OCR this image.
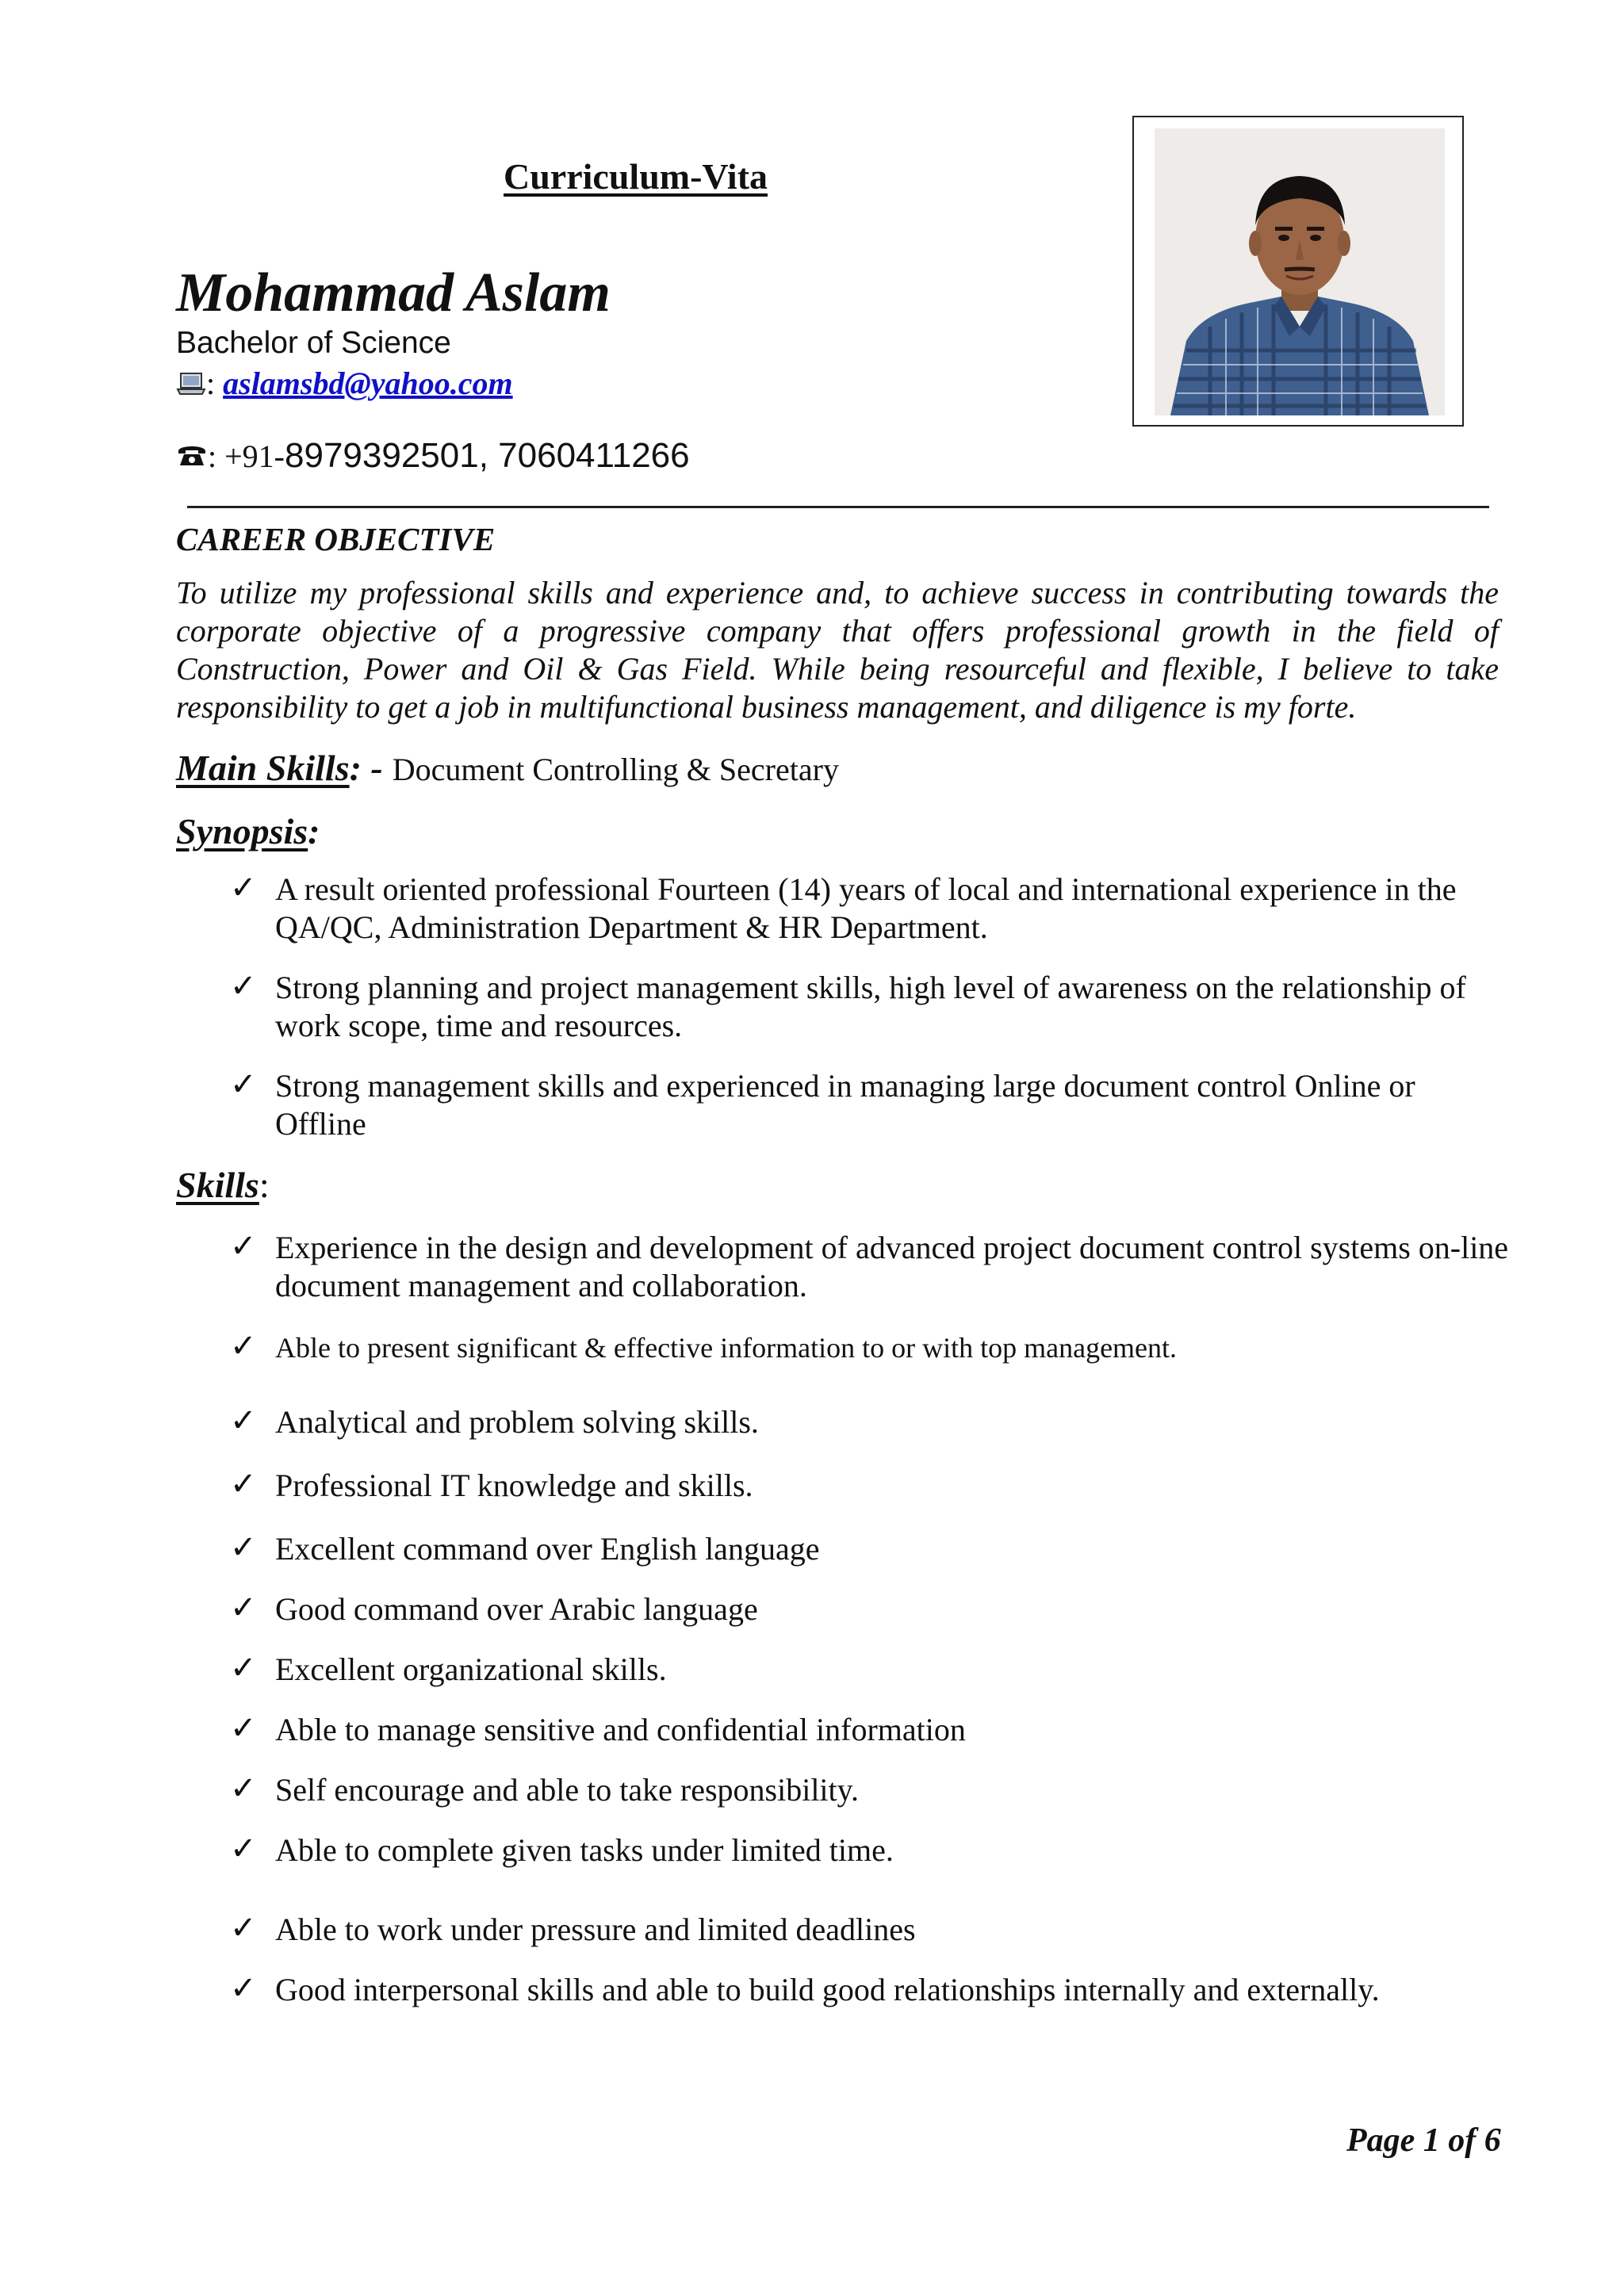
Curriculum-Vita
Mohammad Aslam
Bachelor of Science
: aslamsbd@yahoo.com
: +91- 8979392501, 7060411266
CAREER OBJECTIVE
To utilize my professional skills and experience and, to achieve success in contributing towards the corporate objective of a progressive company that offers professional growth in the field of Construction, Power and Oil & Gas Field. While being resourceful and flexible, I believe to take responsibility to get a job in multifunctional business management, and diligence is my forte.
Main Skills : - Document Controlling & Secretary
Synopsis:
✓ A result oriented professional Fourteen (14) years of local and international experience in the QA/QC, Administration Department & HR Department.
✓ Strong planning and project management skills, high level of awareness on the relationship of work scope, time and resources.
✓ Strong management skills and experienced in managing large document control Online or Offline
Skills:
✓ Experience in the design and development of advanced project document control systems on-line document management and collaboration.
✓ Able to present significant & effective information to or with top management.
✓ Analytical and problem solving skills.
✓ Professional IT knowledge and skills.
✓ Excellent command over English language
✓ Good command over Arabic language
✓ Excellent organizational skills.
✓ Able to manage sensitive and confidential information
✓ Self encourage and able to take responsibility.
✓ Able to complete given tasks under limited time.
✓ Able to work under pressure and limited deadlines
✓ Good interpersonal skills and able to build good relationships internally and externally.
Page 1 of 6
